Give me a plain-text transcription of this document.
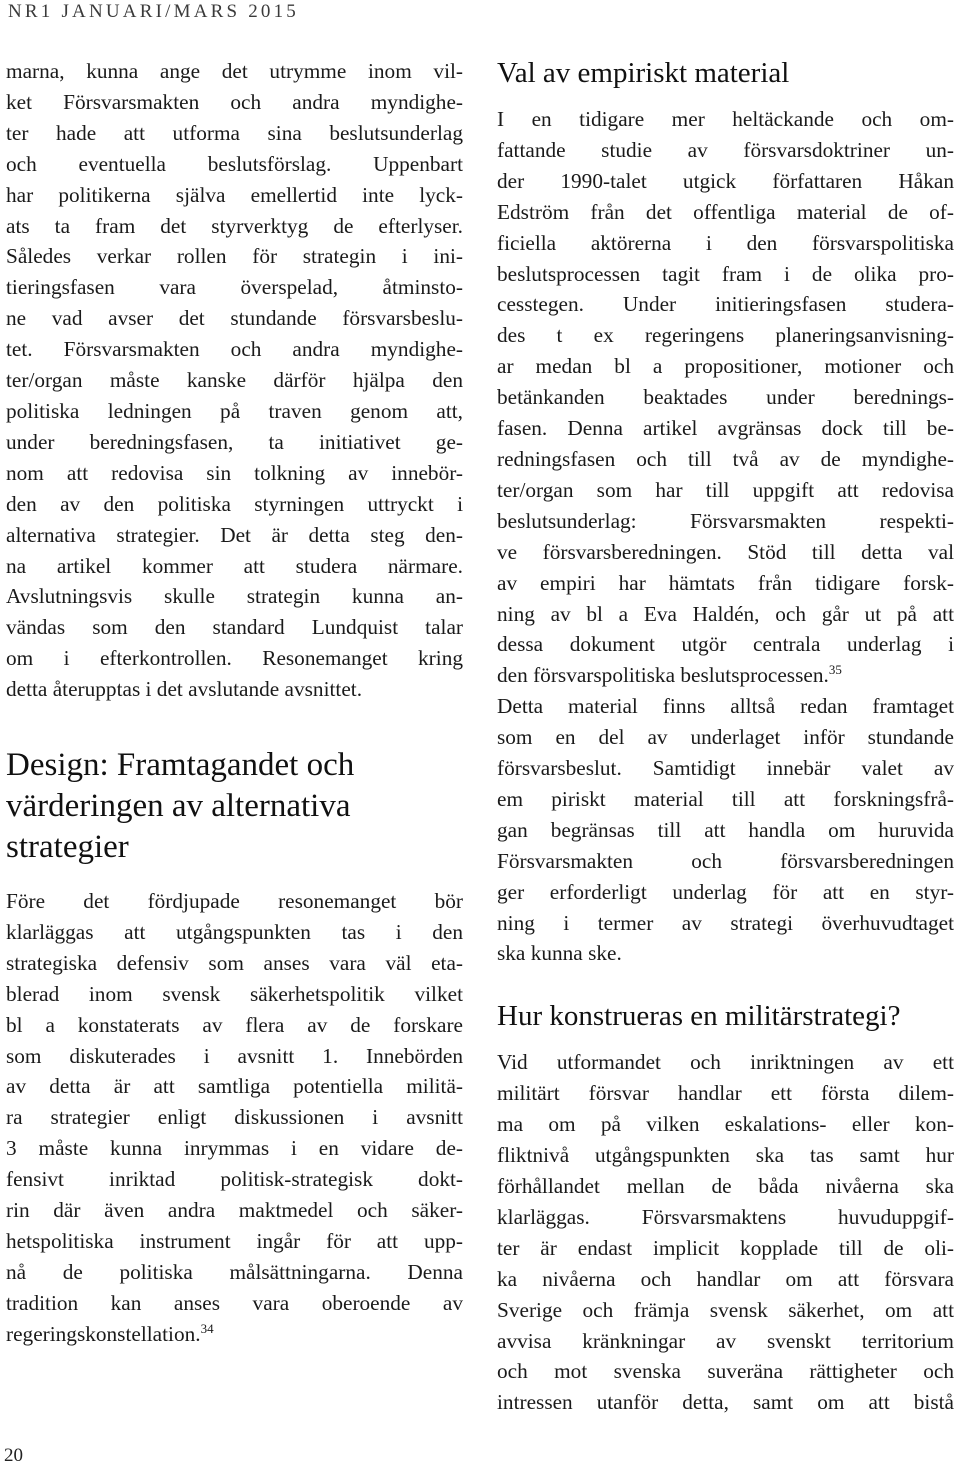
NR1 JANUARI/MARS 2015

marna, kunna ange det utrymme inom vil-
ket Försvarsmakten och andra myndighe-
ter hade att utforma sina beslutsunderlag
och eventuella beslutsförslag. Uppenbart
har politikerna själva emellertid inte lyck-
ats ta fram det styrverktyg de efterlyser.
Således verkar rollen för strategin i ini-
tieringsfasen vara överspelad, åtminsto-
ne vad avser det stundande försvarsbeslu-
tet. Försvarsmakten och andra myndighe-
ter/organ måste kanske därför hjälpa den
politiska ledningen på traven genom att,
under beredningsfasen, ta initiativet ge-
nom att redovisa sin tolkning av innebör-
den av den politiska styrningen uttryckt i
alternativa strategier. Det är detta steg den-
na artikel kommer att studera närmare.
Avslutningsvis skulle strategin kunna an-
vändas som den standard Lundquist talar
om i efterkontrollen. Resonemanget kring
detta återupptas i det avslutande avsnittet.

Design: Framtagandet och
värderingen av alternativa
strategier

Före det fördjupade resonemanget bör
klarläggas att utgångspunkten tas i den
strategiska defensiv som anses vara väl eta-
blerad inom svensk säkerhetspolitik vilket
bl a konstaterats av flera av de forskare
som diskuterades i avsnitt 1. Innebörden
av detta är att samtliga potentiella militä-
ra strategier enligt diskussionen i avsnitt
3 måste kunna inrymmas i en vidare de-
fensivt inriktad politisk-strategisk dokt-
rin där även andra maktmedel och säker-
hetspolitiska instrument ingår för att upp-
nå de politiska målsättningarna. Denna
tradition kan anses vara oberoende av
regeringskonstellation.$^{34}$

Val av empiriskt material

I en tidigare mer heltäckande och om-
fattande studie av försvarsdoktriner un-
der 1990-talet utgick författaren Håkan
Edström från det offentliga material de of-
ficiella aktörerna i den försvarspolitiska
beslutsprocessen tagit fram i de olika pro-
cesstegen. Under initieringsfasen studera-
des t ex regeringens planeringsanvisning-
ar medan bl a propositioner, motioner och
betänkanden beaktades under berednings-
fasen. Denna artikel avgränsas dock till be-
redningsfasen och till två av de myndighe-
ter/organ som har till uppgift att redovisa
beslutsunderlag: Försvarsmakten respekti-
ve försvarsberedningen. Stöd till detta val
av empiri har hämtats från tidigare forsk-
ning av bl a Eva Haldén, och går ut på att
dessa dokument utgör centrala underlag i
den försvarspolitiska beslutsprocessen.$^{35}$

Detta material finns alltså redan framtaget
som en del av underlaget inför stundande
försvarsbeslut. Samtidigt innebär valet av
em piriskt material till att forskningsfrå-
gan begränsas till att handla om huruvida
Försvarsmakten och försvarsberedningen
ger erforderligt underlag för att en styr-
ning i termer av strategi överhuvudtaget
ska kunna ske.

Hur konstrueras en militärstrategi?

Vid utformandet och inriktningen av ett
militärt försvar handlar ett första dilem-
ma om på vilken eskalations- eller kon-
fliktnivå utgångspunkten ska tas samt hur
förhållandet mellan de båda nivåerna ska
klarläggas. Försvarsmaktens huvuduppgif-
ter är endast implicit kopplade till de oli-
ka nivåerna och handlar om att försvara
Sverige och främja svensk säkerhet, om att
avvisa kränkningar av svenskt territorium
och mot svenska suveräna rättigheter och
intressen utanför detta, samt om att bistå

20
